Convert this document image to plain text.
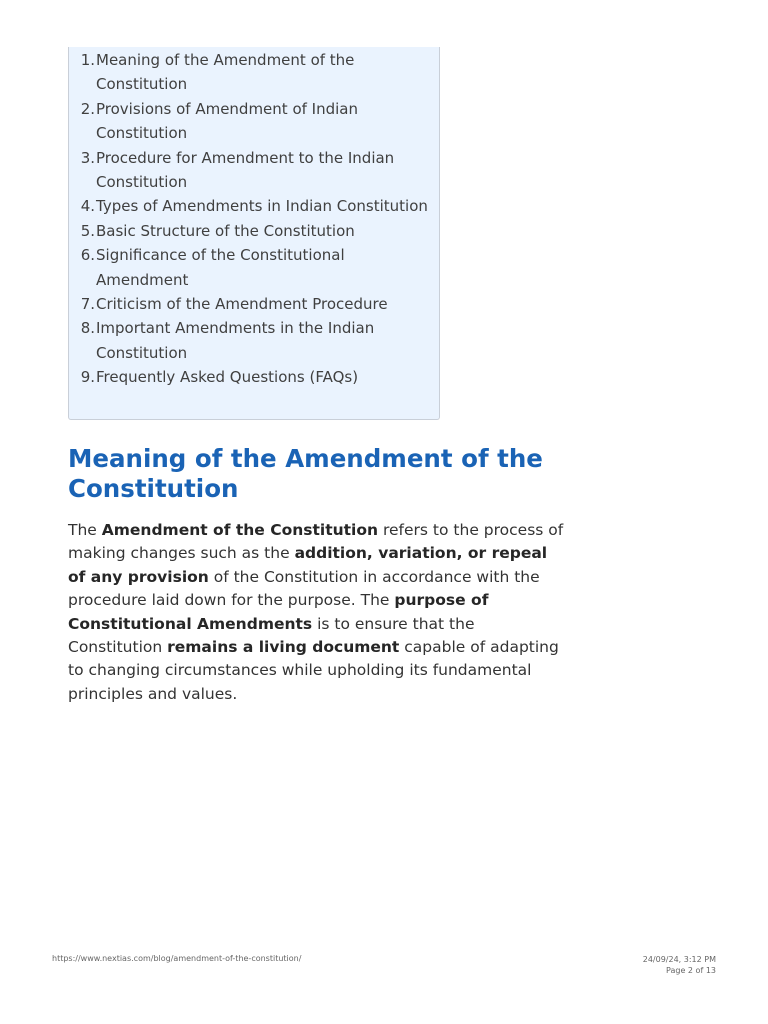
1. Meaning of the Amendment of the Constitution
2. Provisions of Amendment of Indian Constitution
3. Procedure for Amendment to the Indian Constitution
4. Types of Amendments in Indian Constitution
5. Basic Structure of the Constitution
6. Significance of the Constitutional Amendment
7. Criticism of the Amendment Procedure
8. Important Amendments in the Indian Constitution
9. Frequently Asked Questions (FAQs)
Meaning of the Amendment of the Constitution

The Amendment of the Constitution refers to the process of making changes such as the addition, variation, or repeal of any provision of the Constitution in accordance with the procedure laid down for the purpose. The purpose of Constitutional Amendments is to ensure that the Constitution remains a living document capable of adapting to changing circumstances while upholding its fundamental principles and values.

https://www.nextias.com/blog/amendment-of-the-constitution/	24/09/24, 3:12 PM
Page 2 of 13
